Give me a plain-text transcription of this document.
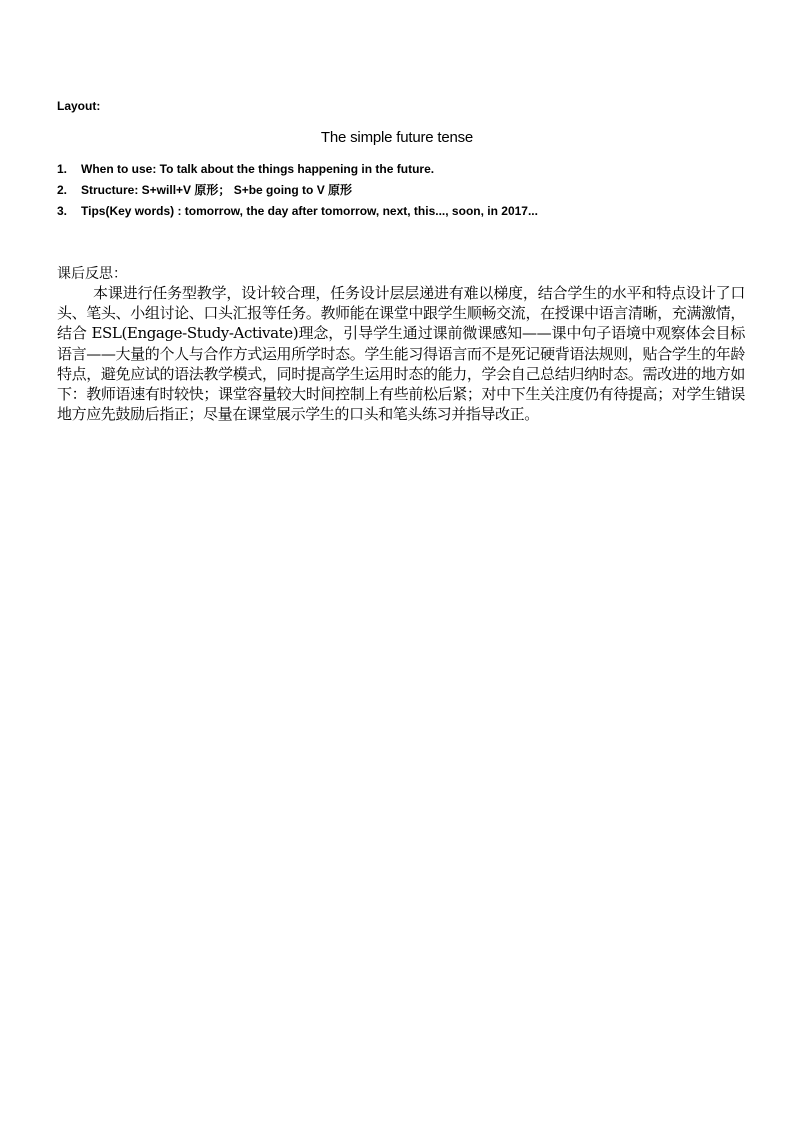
Layout:
The simple future tense
1.	When to use: To talk about the things happening in the future.
2.	Structure: S+will+V 原形； S+be going to V 原形
3.	Tips(Key words) : tomorrow, the day after tomorrow, next, this..., soon, in 2017...
课后反思：

本课进行任务型教学，设计较合理，任务设计层层递进有难以梯度，结合学生的水平和特点设计了口头、笔头、小组讨论、口头汇报等任务。教师能在课堂中跟学生顺畅交流，在授课中语言清晰，充满激情，结合 ESL(Engage-Study-Activate)理念，引导学生通过课前微课感知——课中句子语境中观察体会目标语言——大量的个人与合作方式运用所学时态。学生能习得语言而不是死记硬背语法规则，贴合学生的年龄特点，避免应试的语法教学模式，同时提高学生运用时态的能力，学会自己总结归纳时态。需改进的地方如下：教师语速有时较快；课堂容量较大时间控制上有些前松后紧；对中下生关注度仍有待提高；对学生错误地方应先鼓励后指正；尽量在课堂展示学生的口头和笔头练习并指导改正。
